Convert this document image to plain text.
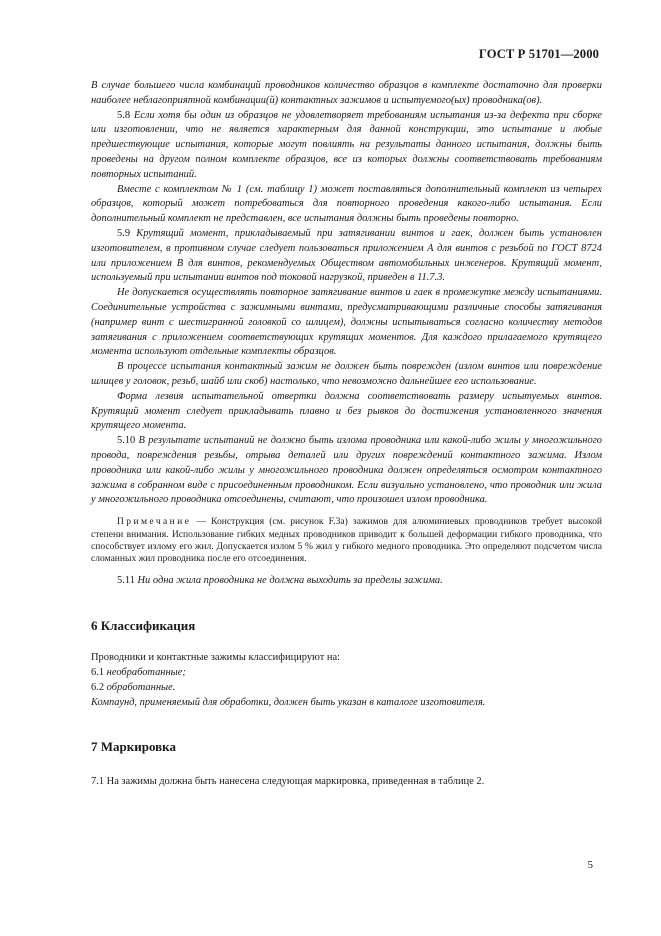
ГОСТ Р 51701—2000

В случае большего числа комбинаций проводников количество образцов в комплекте достаточно для проверки наиболее неблагоприятной комбинации(й) контактных зажимов и испытуемого(ых) проводника(ов).

5.8 Если хотя бы один из образцов не удовлетворяет требованиям испытания из-за дефекта при сборке или изготовлении, что не является характерным для данной конструкции, это испытание и любые предшествующие испытания, которые могут повлиять на результаты данного испытания, должны быть проведены на другом полном комплекте образцов, все из которых должны соответствовать требованиям повторных испытаний.

Вместе с комплектом № 1 (см. таблицу 1) может поставляться дополнительный комплект из четырех образцов, который может потребоваться для повторного проведения какого-либо испытания. Если дополнительный комплект не представлен, все испытания должны быть проведены повторно.

5.9 Крутящий момент, прикладываемый при затягивании винтов и гаек, должен быть установлен изготовителем, в противном случае следует пользоваться приложением А для винтов с резьбой по ГОСТ 8724 или приложением В для винтов, рекомендуемых Обществом автомобильных инженеров. Крутящий момент, используемый при испытании винтов под токовой нагрузкой, приведен в 11.7.3.

Не допускается осуществлять повторное затягивание винтов и гаек в промежутке между испытаниями. Соединительные устройства с зажимными винтами, предусматривающими различные способы затягивания (например винт с шестигранной головкой со шлицем), должны испытываться согласно количеству методов затягивания с приложением соответствующих крутящих моментов. Для каждого прилагаемого крутящего момента используют отдельные комплекты образцов.

В процессе испытания контактный зажим не должен быть поврежден (излом винтов или повреждение шлицев у головок, резьб, шайб или скоб) настолько, что невозможно дальнейшее его использование.

Форма лезвия испытательной отвертки должна соответствовать размеру испытуемых винтов. Крутящий момент следует прикладывать плавно и без рывков до достижения установленного значения крутящего момента.

5.10 В результате испытаний не должно быть излома проводника или какой-либо жилы у многожильного провода, повреждения резьбы, отрыва деталей или других повреждений контактного зажима. Излом проводника или какой-либо жилы у многожильного проводника должен определяться осмотром контактного зажима в собранном виде с присоединенным проводником. Если визуально установлено, что проводник или жила у многожильного проводника отсоединены, считают, что произошел излом проводника.

Примечание — Конструкция (см. рисунок F.3a) зажимов для алюминиевых проводников требует высокой степени внимания. Использование гибких медных проводников приводит к большей деформации гибкого проводника, что способствует излому его жил. Допускается излом 5 % жил у гибкого медного проводника. Это определяют подсчетом числа сломанных жил проводника после его отсоединения.

5.11 Ни одна жила проводника не должна выходить за пределы зажима.

6 Классификация

Проводники и контактные зажимы классифицируют на:

6.1 необработанные;

6.2 обработанные.

Компаунд, применяемый для обработки, должен быть указан в каталоге изготовителя.

7 Маркировка

7.1 На зажимы должна быть нанесена следующая маркировка, приведенная в таблице 2.

5
